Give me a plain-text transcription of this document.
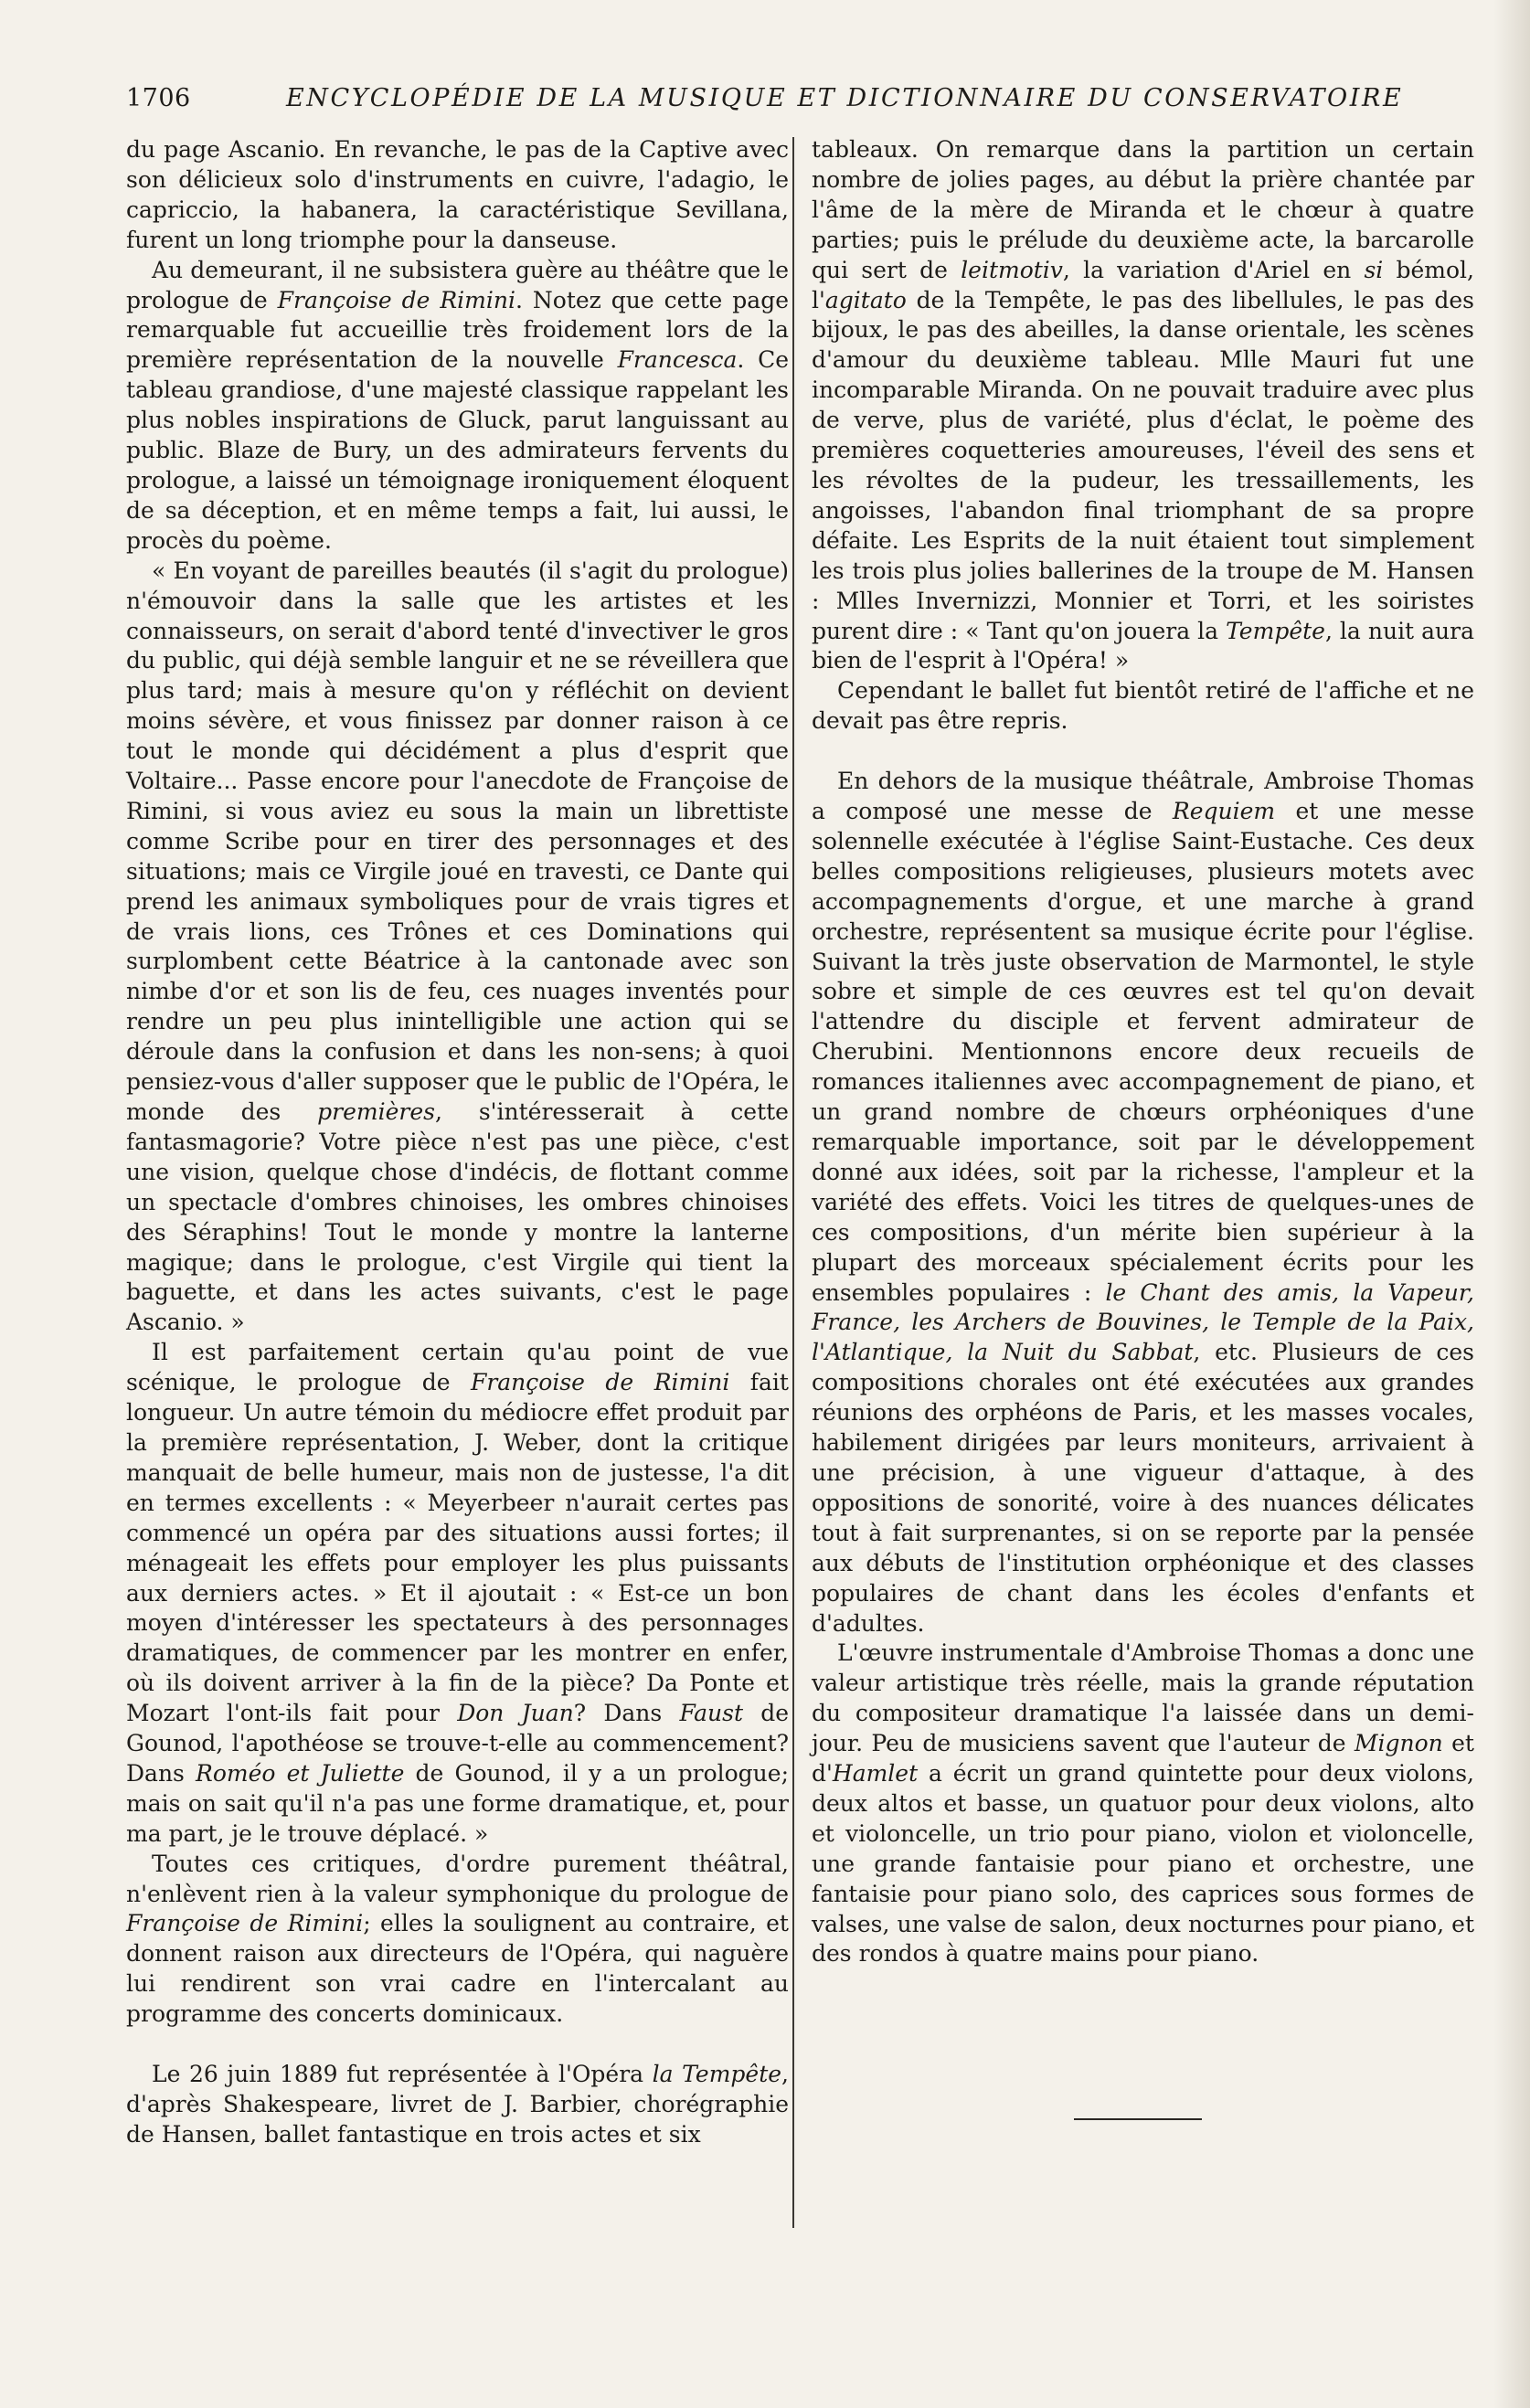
1706	ENCYCLOPÉDIE DE LA MUSIQUE ET DICTIONNAIRE DU CONSERVATOIRE

du page Ascanio. En revanche, le pas de la Captive avec son délicieux solo d'instruments en cuivre, l'adagio, le capriccio, la habanera, la caractéristique Sevillana, furent un long triomphe pour la danseuse.

Au demeurant, il ne subsistera guère au théâtre que le prologue de Françoise de Rimini. Notez que cette page remarquable fut accueillie très froidement lors de la première représentation de la nouvelle Francesca. Ce tableau grandiose, d'une majesté classique rappelant les plus nobles inspirations de Gluck, parut languissant au public. Blaze de Bury, un des admirateurs fervents du prologue, a laissé un témoignage ironiquement éloquent de sa déception, et en même temps a fait, lui aussi, le procès du poème.

« En voyant de pareilles beautés (il s'agit du prologue) n'émouvoir dans la salle que les artistes et les connaisseurs, on serait d'abord tenté d'invectiver le gros du public, qui déjà semble languir et ne se réveillera que plus tard; mais à mesure qu'on y réfléchit on devient moins sévère, et vous finissez par donner raison à ce tout le monde qui décidément a plus d'esprit que Voltaire... Passe encore pour l'anecdote de Françoise de Rimini, si vous aviez eu sous la main un librettiste comme Scribe pour en tirer des personnages et des situations; mais ce Virgile joué en travesti, ce Dante qui prend les animaux symboliques pour de vrais tigres et de vrais lions, ces Trônes et ces Dominations qui surplombent cette Béatrice à la cantonade avec son nimbe d'or et son lis de feu, ces nuages inventés pour rendre un peu plus inintelligible une action qui se déroule dans la confusion et dans les non-sens; à quoi pensiez-vous d'aller supposer que le public de l'Opéra, le monde des premières, s'intéresserait à cette fantasmagorie? Votre pièce n'est pas une pièce, c'est une vision, quelque chose d'indécis, de flottant comme un spectacle d'ombres chinoises, les ombres chinoises des Séraphins! Tout le monde y montre la lanterne magique; dans le prologue, c'est Virgile qui tient la baguette, et dans les actes suivants, c'est le page Ascanio. »

Il est parfaitement certain qu'au point de vue scénique, le prologue de Françoise de Rimini fait longueur. Un autre témoin du médiocre effet produit par la première représentation, J. Weber, dont la critique manquait de belle humeur, mais non de justesse, l'a dit en termes excellents : « Meyerbeer n'aurait certes pas commencé un opéra par des situations aussi fortes; il ménageait les effets pour employer les plus puissants aux derniers actes. » Et il ajoutait : « Est-ce un bon moyen d'intéresser les spectateurs à des personnages dramatiques, de commencer par les montrer en enfer, où ils doivent arriver à la fin de la pièce? Da Ponte et Mozart l'ont-ils fait pour Don Juan? Dans Faust de Gounod, l'apothéose se trouve-t-elle au commencement? Dans Roméo et Juliette de Gounod, il y a un prologue; mais on sait qu'il n'a pas une forme dramatique, et, pour ma part, je le trouve déplacé. »

Toutes ces critiques, d'ordre purement théâtral, n'enlèvent rien à la valeur symphonique du prologue de Françoise de Rimini; elles la soulignent au contraire, et donnent raison aux directeurs de l'Opéra, qui naguère lui rendirent son vrai cadre en l'intercalant au programme des concerts dominicaux.

Le 26 juin 1889 fut représentée à l'Opéra la Tempête, d'après Shakespeare, livret de J. Barbier, chorégraphie de Hansen, ballet fantastique en trois actes et six

tableaux. On remarque dans la partition un certain nombre de jolies pages, au début la prière chantée par l'âme de la mère de Miranda et le chœur à quatre parties; puis le prélude du deuxième acte, la barcarolle qui sert de leitmotiv, la variation d'Ariel en si bémol, l'agitato de la Tempête, le pas des libellules, le pas des bijoux, le pas des abeilles, la danse orientale, les scènes d'amour du deuxième tableau. Mlle Mauri fut une incomparable Miranda. On ne pouvait traduire avec plus de verve, plus de variété, plus d'éclat, le poème des premières coquetteries amoureuses, l'éveil des sens et les révoltes de la pudeur, les tressaillements, les angoisses, l'abandon final triomphant de sa propre défaite. Les Esprits de la nuit étaient tout simplement les trois plus jolies ballerines de la troupe de M. Hansen : Mlles Invernizzi, Monnier et Torri, et les soiristes purent dire : « Tant qu'on jouera la Tempête, la nuit aura bien de l'esprit à l'Opéra! »

Cependant le ballet fut bientôt retiré de l'affiche et ne devait pas être repris.

En dehors de la musique théâtrale, Ambroise Thomas a composé une messe de Requiem et une messe solennelle exécutée à l'église Saint-Eustache. Ces deux belles compositions religieuses, plusieurs motets avec accompagnements d'orgue, et une marche à grand orchestre, représentent sa musique écrite pour l'église. Suivant la très juste observation de Marmontel, le style sobre et simple de ces œuvres est tel qu'on devait l'attendre du disciple et fervent admirateur de Cherubini. Mentionnons encore deux recueils de romances italiennes avec accompagnement de piano, et un grand nombre de chœurs orphéoniques d'une remarquable importance, soit par le développement donné aux idées, soit par la richesse, l'ampleur et la variété des effets. Voici les titres de quelques-unes de ces compositions, d'un mérite bien supérieur à la plupart des morceaux spécialement écrits pour les ensembles populaires : le Chant des amis, la Vapeur, France, les Archers de Bouvines, le Temple de la Paix, l'Atlantique, la Nuit du Sabbat, etc. Plusieurs de ces compositions chorales ont été exécutées aux grandes réunions des orphéons de Paris, et les masses vocales, habilement dirigées par leurs moniteurs, arrivaient à une précision, à une vigueur d'attaque, à des oppositions de sonorité, voire à des nuances délicates tout à fait surprenantes, si on se reporte par la pensée aux débuts de l'institution orphéonique et des classes populaires de chant dans les écoles d'enfants et d'adultes.

L'œuvre instrumentale d'Ambroise Thomas a donc une valeur artistique très réelle, mais la grande réputation du compositeur dramatique l'a laissée dans un demi-jour. Peu de musiciens savent que l'auteur de Mignon et d'Hamlet a écrit un grand quintette pour deux violons, deux altos et basse, un quatuor pour deux violons, alto et violoncelle, un trio pour piano, violon et violoncelle, une grande fantaisie pour piano et orchestre, une fantaisie pour piano solo, des caprices sous formes de valses, une valse de salon, deux nocturnes pour piano, et des rondos à quatre mains pour piano.
